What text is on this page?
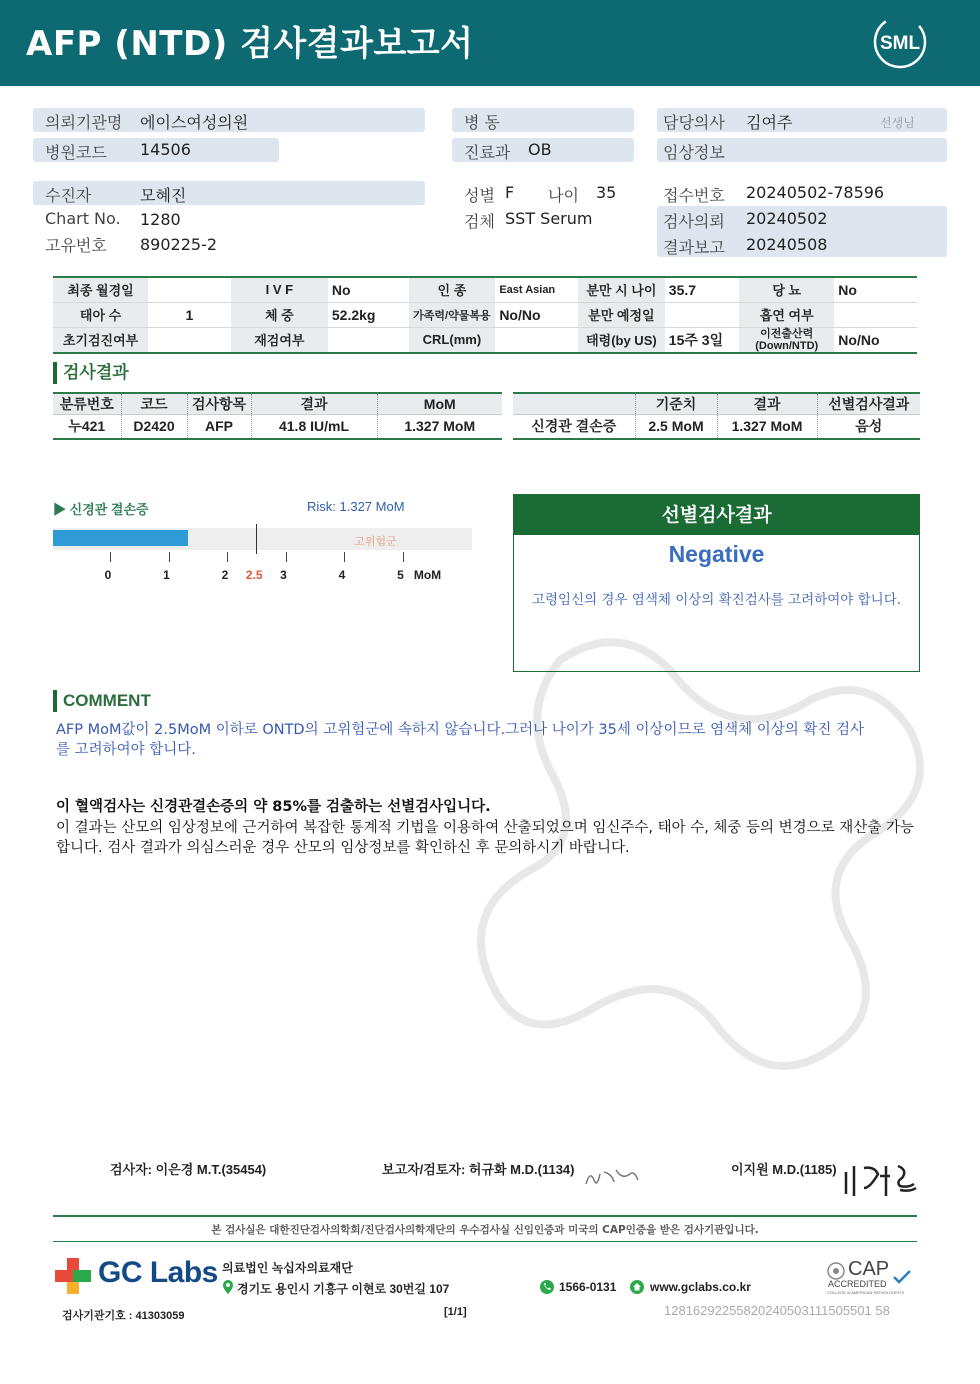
AFP (NTD) 검사결과보고서	SML
의뢰기관명 에이스여성의원
병원코드 14506
병 동
진료과 OB
담당의사 김여주	선생님
임상정보
수진자	모혜진
Chart No. 1280
고유번호 890225-2
성별 F 나이 35
검체 SST Serum
접수번호 20240502-78596
검사의뢰 20240502
결과보고 20240508
최종 월경일		I V F	No	인 종	East Asian	분만 시 나이	35.7	당 뇨	No
태아 수	1	체 중	52.2kg	가족력/약물복용	No/No	분만 예정일		흡연 여부	
초기검진여부		재검여부		CRL(mm)		태령(by US)	15주 3일	이전출산력 (Down/NTD)	No/No
검사결과
분류번호	코드	검사항목	결과	MoM
누421	D2420	AFP	41.8 IU/mL	1.327 MoM
	기준치	결과	선별검사결과
신경관 결손증	2.5 MoM	1.327 MoM	음성
▶ 신경관 결손증	Risk: 1.327 MoM
고위험군
0	1	2	3	4	5
2.5	MoM
선별검사결과
Negative
고령임신의 경우 염색체 이상의 확진검사를 고려하여야 합니다.
COMMENT
AFP MoM값이 2.5MoM 이하로 ONTD의 고위험군에 속하지 않습니다.그러나 나이가 35세 이상이므로 염색체 이상의 확진 검사를 고려하여야 합니다.
이 혈액검사는 신경관결손증의 약 85%를 검출하는 선별검사입니다.
이 결과는 산모의 임상정보에 근거하여 복잡한 통계적 기법을 이용하여 산출되었으며 임신주수, 태아 수, 체중 등의 변경으로 재산출 가능합니다. 검사 결과가 의심스러운 경우 산모의 임상정보를 확인하신 후 문의하시기 바랍니다.
검사자: 이은경 M.T.(35454)	보고자/검토자: 허규화 M.D.(1134)	이지원 M.D.(1185)
본 검사실은 대한진단검사의학회/진단검사의학재단의 우수검사실 신임인증과 미국의 CAP인증을 받은 검사기관입니다.
GC Labs 의료법인 녹십자의료재단
경기도 용인시 기흥구 이현로 30번길 107	1566-0131	www.gclabs.co.kr
CAP
ACCREDITED
COLLEGE of AMERICAN PATHOLOGISTS
검사기관기호 : 41303059	[1/1]	12816292255820240503111505501 58
